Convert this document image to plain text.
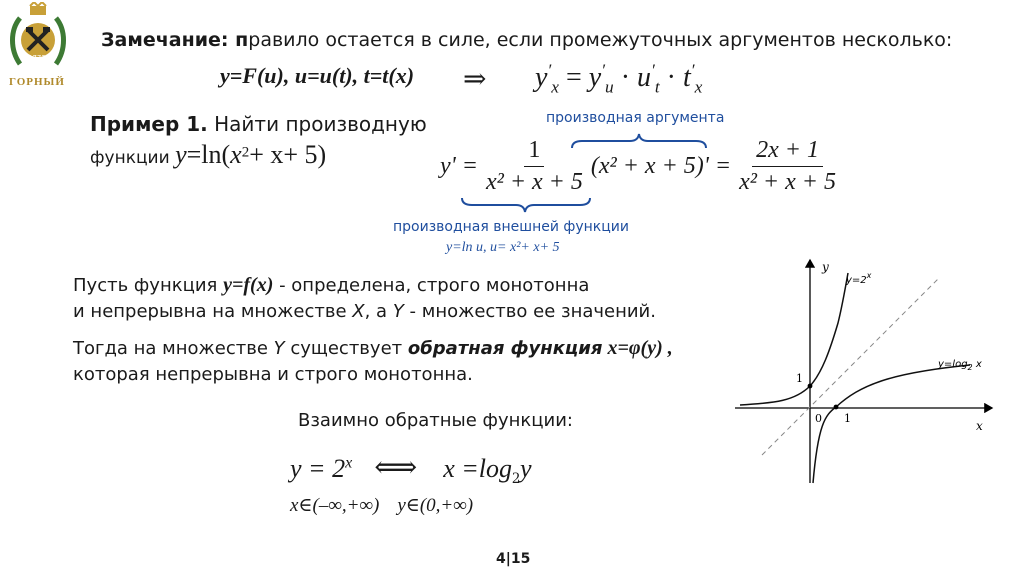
1773
ГОРНЫЙ
Замечание: правило остается в силе, если промежуточных аргументов несколько:
y=F(u), u=u(t), t=t(x) ⇒ $y'_x = y'_u \cdot u'_t \cdot t'_x$
Пример 1. Найти производную
функции $y=\ln(x^2+ x+ 5)$
производная аргумента
$y' = \frac{1}{\text{x² + x + 5}} (x^2 + x + 5)' = \frac{2x + 1}{\text{x² + x + 5}}$
производная внешней функции
y=ln u, u= x²+ x+ 5
Пусть функция y=f(x) - определена, строго монотонна
и непрерывна на множестве X, а Y - множество ее значений.
Тогда на множестве Y существует обратная функция x=φ(y) ,
которая непрерывна и строго монотонна.
Взаимно обратные функции:
$y = 2^x$ ⟺ $x =\log_2y$
x∈(–∞,+∞) y∈(0,+∞)
y
x
$y=2^x$
$y=\log_2$ x
1
0 1
4|15
